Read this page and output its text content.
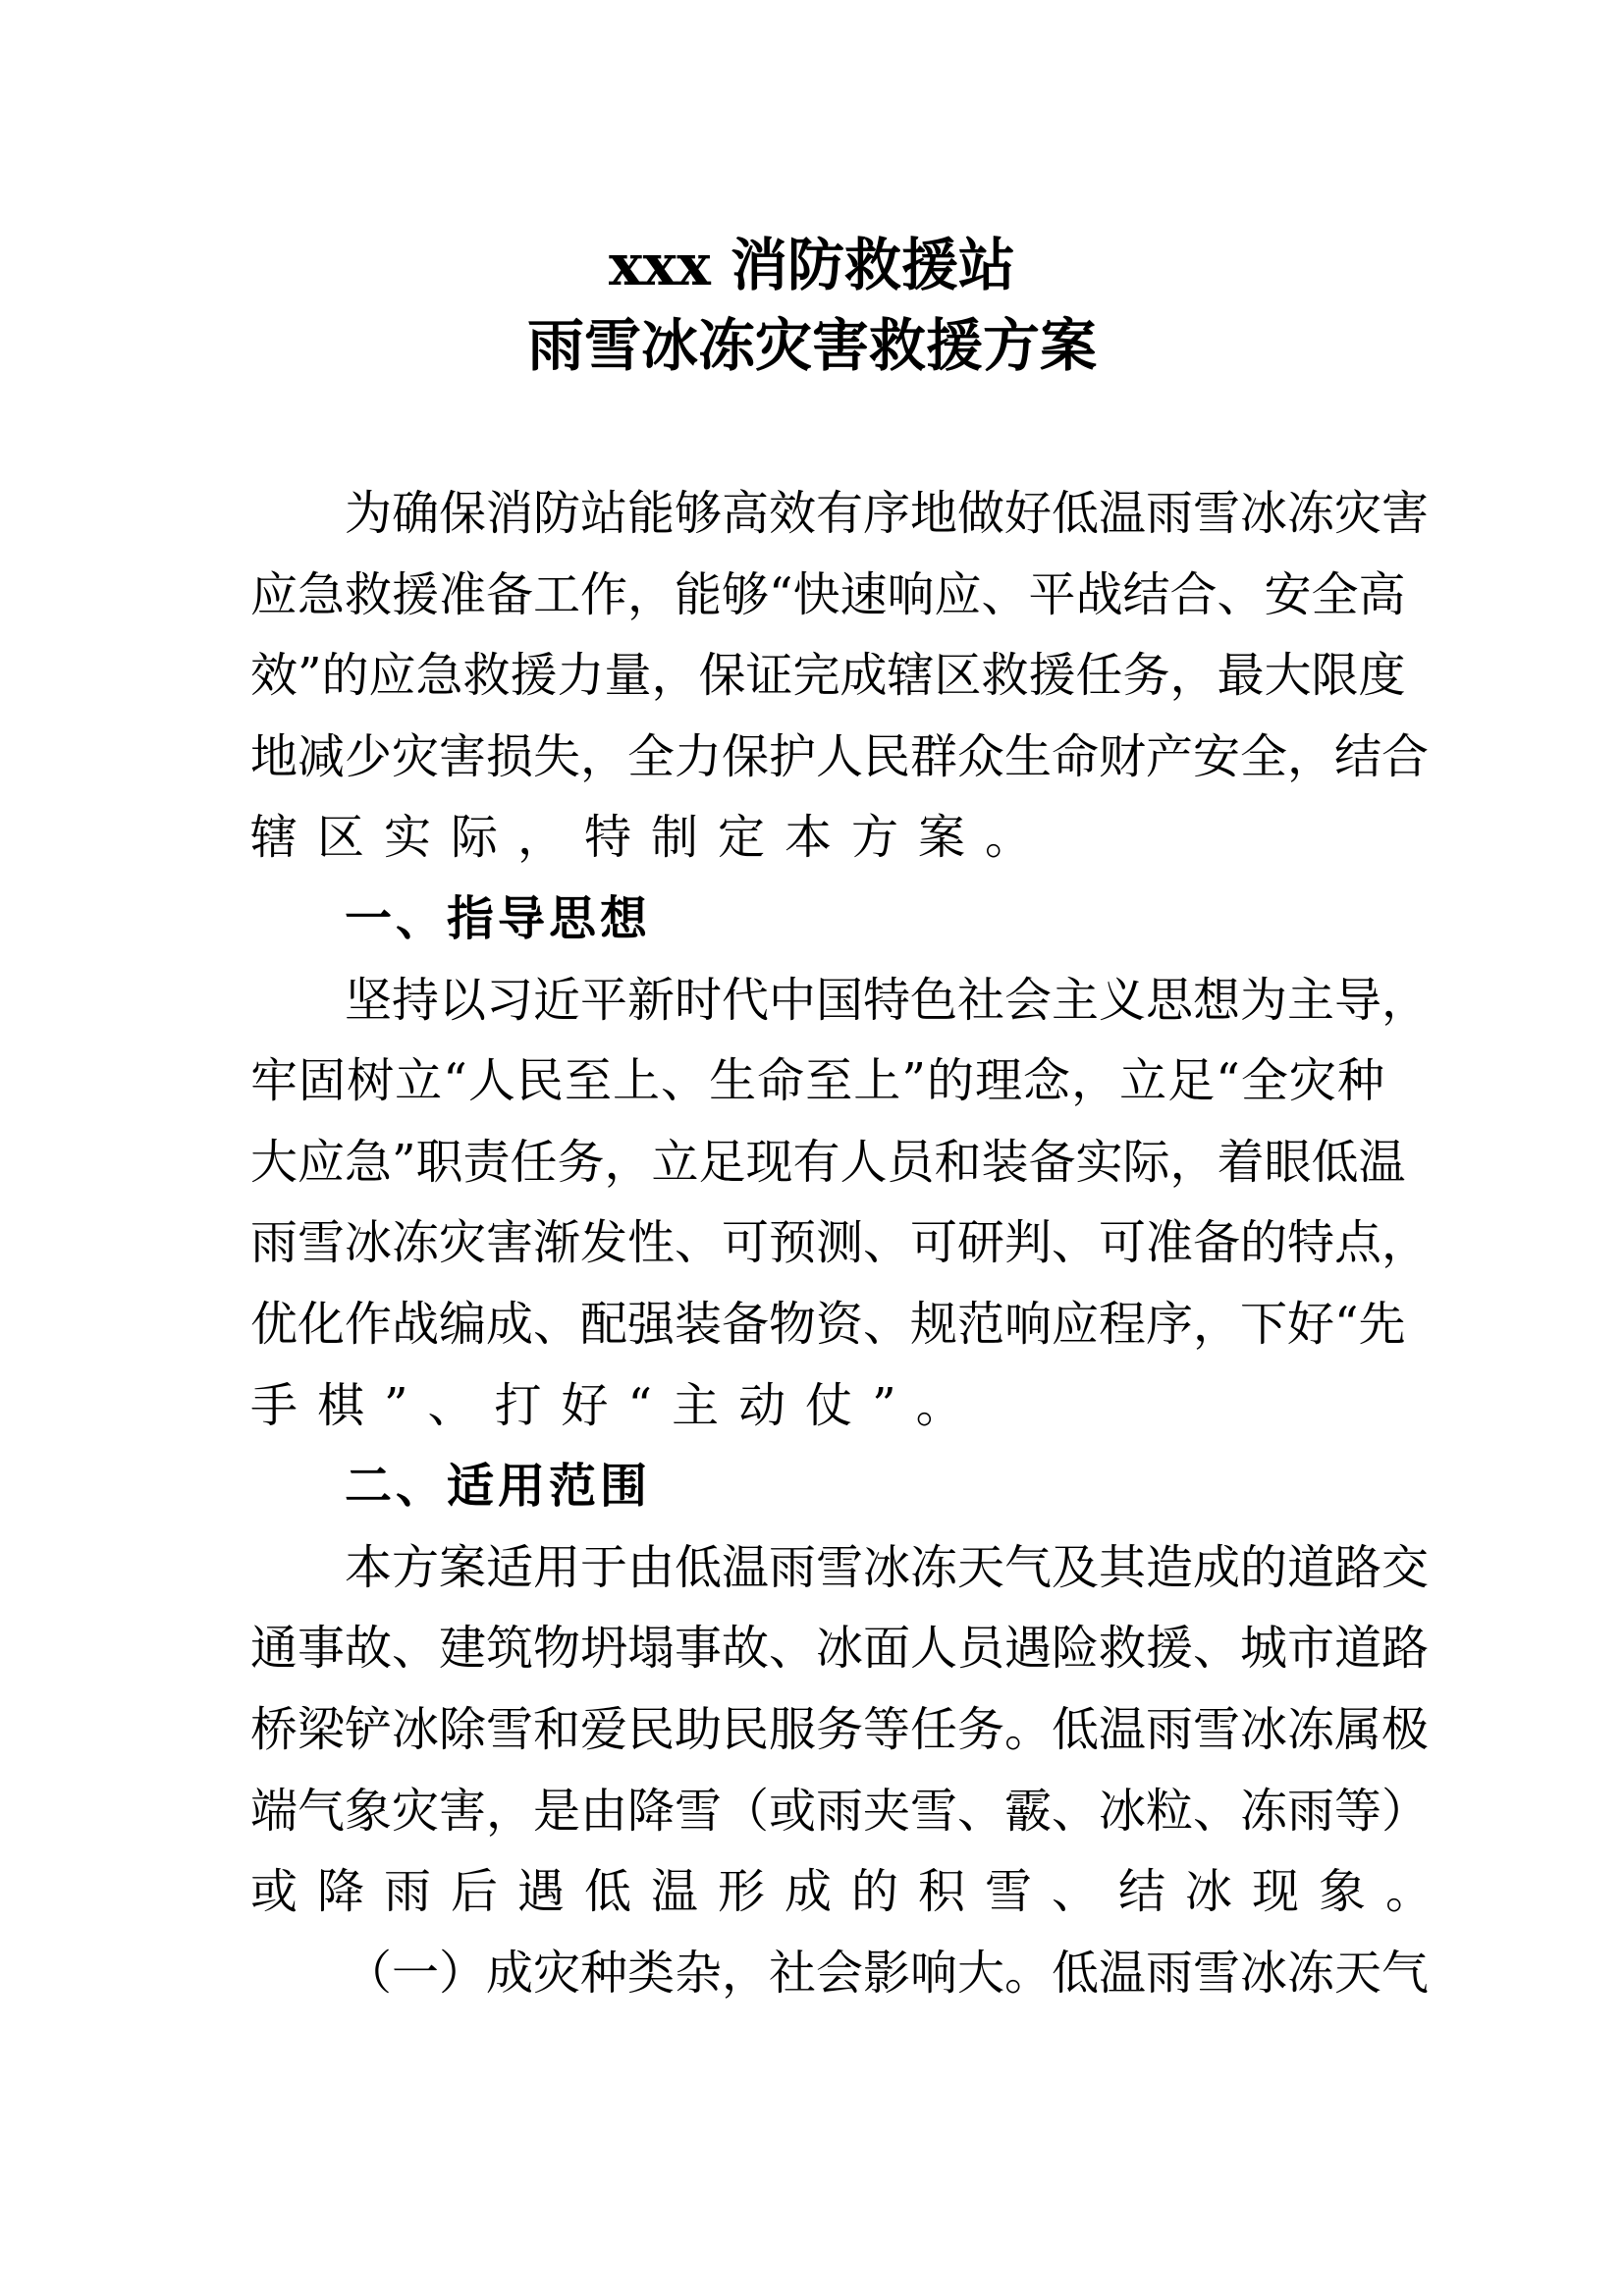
xxx 消防救援站
雨雪冰冻灾害救援方案
为确保消防站能够高效有序地做好低温雨雪冰冻灾害
应急救援准备工作，能够“快速响应、平战结合、安全高
效”的应急救援力量，保证完成辖区救援任务，最大限度
地减少灾害损失，全力保护人民群众生命财产安全，结合
辖区实际，特制定本方案。
一、指导思想
坚持以习近平新时代中国特色社会主义思想为主导，
牢固树立“人民至上、生命至上”的理念，立足“全灾种
大应急”职责任务，立足现有人员和装备实际，着眼低温
雨雪冰冻灾害渐发性、可预测、可研判、可准备的特点，
优化作战编成、配强装备物资、规范响应程序，下好“先
手棋”、打好“主动仗”。
二、适用范围
本方案适用于由低温雨雪冰冻天气及其造成的道路交
通事故、建筑物坍塌事故、冰面人员遇险救援、城市道路
桥梁铲冰除雪和爱民助民服务等任务。低温雨雪冰冻属极
端气象灾害，是由降雪（或雨夹雪、霰、冰粒、冻雨等）
或降雨后遇低温形成的积雪、结冰现象。
（一）成灾种类杂，社会影响大。低温雨雪冰冻天气
